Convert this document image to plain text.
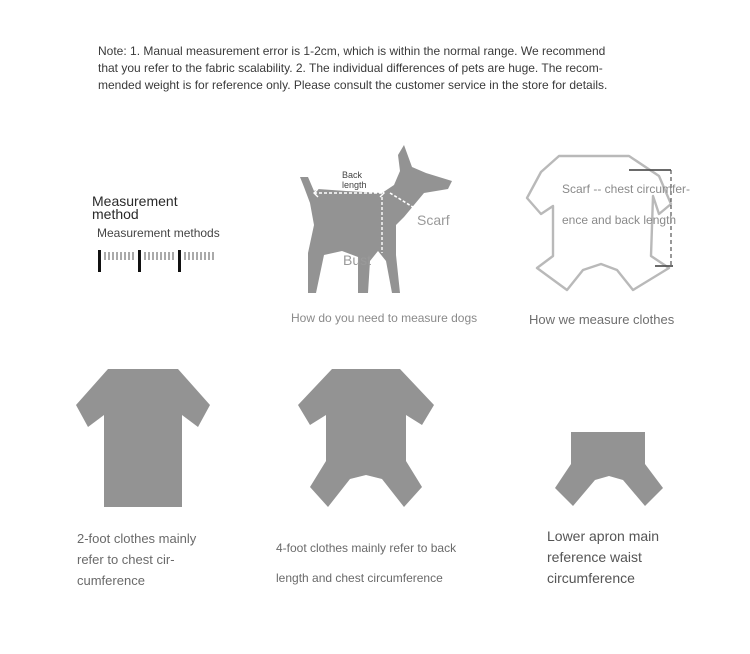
Note: 1. Manual measurement error is 1-2cm, which is within the normal range. We recommend
that you refer to the fabric scalability. 2. The individual differences of pets are huge. The recom-
mended weight is for reference only. Please consult the customer service in the store for details.
Measurement
method
Measurement methods
Back
length
Scarf
Bust
How do you need to measure dogs
Scarf -- chest circumfer-
ence and back length
How we measure clothes
2-foot clothes mainly
refer to chest cir-
cumference
4-foot clothes mainly refer to back
length and chest circumference
Lower apron main
reference waist
circumference
